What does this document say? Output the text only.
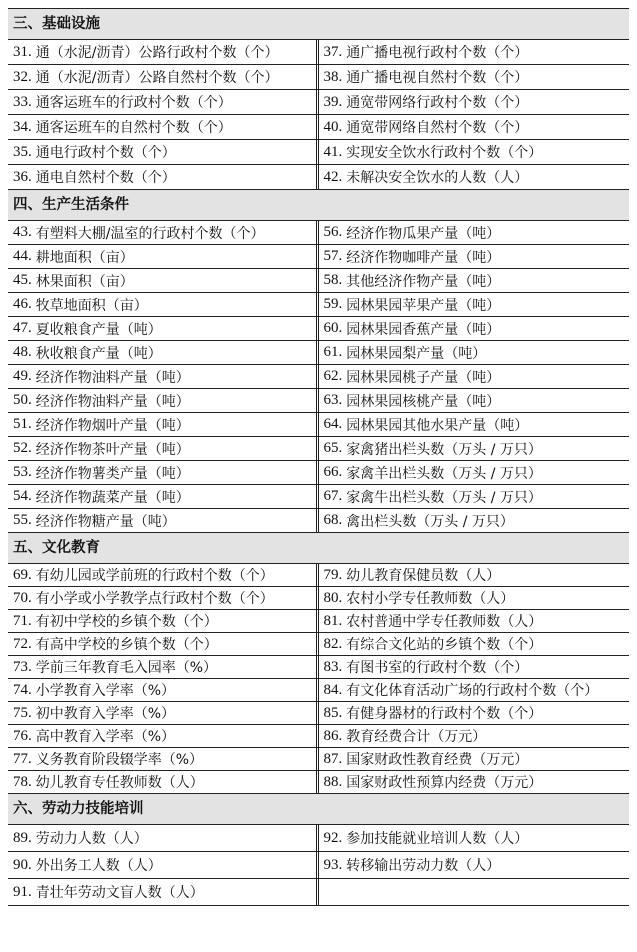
三、基础设施
31. 通（水泥/沥青）公路行政村个数（个）	37. 通广播电视行政村个数（个）
32. 通（水泥/沥青）公路自然村个数（个）	38. 通广播电视自然村个数（个）
33. 通客运班车的行政村个数（个）	39. 通宽带网络行政村个数（个）
34. 通客运班车的自然村个数（个）	40. 通宽带网络自然村个数（个）
35. 通电行政村个数（个）	41. 实现安全饮水行政村个数（个）
36. 通电自然村个数（个）	42. 未解决安全饮水的人数（人）
四、生产生活条件
43. 有塑料大棚/温室的行政村个数（个）	56. 经济作物瓜果产量（吨）
44. 耕地面积（亩）	57. 经济作物咖啡产量（吨）
45. 林果面积（亩）	58. 其他经济作物产量（吨）
46. 牧草地面积（亩）	59. 园林果园苹果产量（吨）
47. 夏收粮食产量（吨）	60. 园林果园香蕉产量（吨）
48. 秋收粮食产量（吨）	61. 园林果园梨产量（吨）
49. 经济作物油料产量（吨）	62. 园林果园桃子产量（吨）
50. 经济作物油料产量（吨）	63. 园林果园核桃产量（吨）
51. 经济作物烟叶产量（吨）	64. 园林果园其他水果产量（吨）
52. 经济作物茶叶产量（吨）	65. 家禽猪出栏头数（万头 / 万只）
53. 经济作物薯类产量（吨）	66. 家禽羊出栏头数（万头 / 万只）
54. 经济作物蔬菜产量（吨）	67. 家禽牛出栏头数（万头 / 万只）
55. 经济作物糖产量（吨）	68. 禽出栏头数（万头 / 万只）
五、文化教育
69. 有幼儿园或学前班的行政村个数（个）	79. 幼儿教育保健员数（人）
70. 有小学或小学教学点行政村个数（个）	80. 农村小学专任教师数（人）
71. 有初中学校的乡镇个数（个）	81. 农村普通中学专任教师数（人）
72. 有高中学校的乡镇个数（个）	82. 有综合文化站的乡镇个数（个）
73. 学前三年教育毛入园率（%）	83. 有图书室的行政村个数（个）
74. 小学教育入学率（%）	84. 有文化体育活动广场的行政村个数（个）
75. 初中教育入学率（%）	85. 有健身器材的行政村个数（个）
76. 高中教育入学率（%）	86. 教育经费合计（万元）
77. 义务教育阶段辍学率（%）	87. 国家财政性教育经费（万元）
78. 幼儿教育专任教师数（人）	88. 国家财政性预算内经费（万元）
六、劳动力技能培训
89. 劳动力人数（人）	92. 参加技能就业培训人数（人）
90. 外出务工人数（人）	93. 转移输出劳动力数（人）
91. 青壮年劳动文盲人数（人）
